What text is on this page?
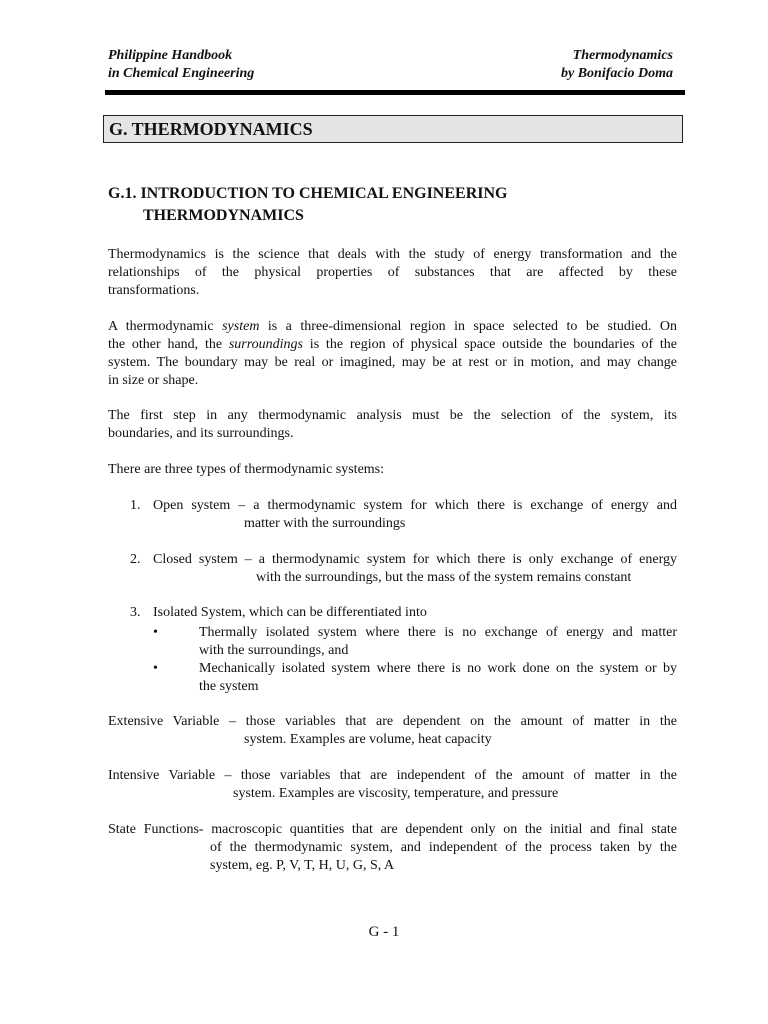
Philippine Handbook
in Chemical Engineering
Thermodynamics
by Bonifacio Doma
G. THERMODYNAMICS
G.1. INTRODUCTION TO CHEMICAL ENGINEERING
THERMODYNAMICS
Thermodynamics is the science that deals with the study of energy transformation and the
relationships of the physical properties of substances that are affected by these
transformations.
A thermodynamic system is a three-dimensional region in space selected to be studied. On
the other hand, the surroundings is the region of physical space outside the boundaries of the
system. The boundary may be real or imagined, may be at rest or in motion, and may change
in size or shape.
The first step in any thermodynamic analysis must be the selection of the system, its
boundaries, and its surroundings.
There are three types of thermodynamic systems:
1. Open system – a thermodynamic system for which there is exchange of energy and
matter with the surroundings
2. Closed system – a thermodynamic system for which there is only exchange of energy
with the surroundings, but the mass of the system remains constant
3. Isolated System, which can be differentiated into
•	Thermally isolated system where there is no exchange of energy and matter
with the surroundings, and
•	Mechanically isolated system where there is no work done on the system or by
the system
Extensive Variable – those variables that are dependent on the amount of matter in the
system. Examples are volume, heat capacity
Intensive Variable – those variables that are independent of the amount of matter in the
system. Examples are viscosity, temperature, and pressure
State Functions- macroscopic quantities that are dependent only on the initial and final state
of the thermodynamic system, and independent of the process taken by the
system, eg. P, V, T, H, U, G, S, A
G - 1
